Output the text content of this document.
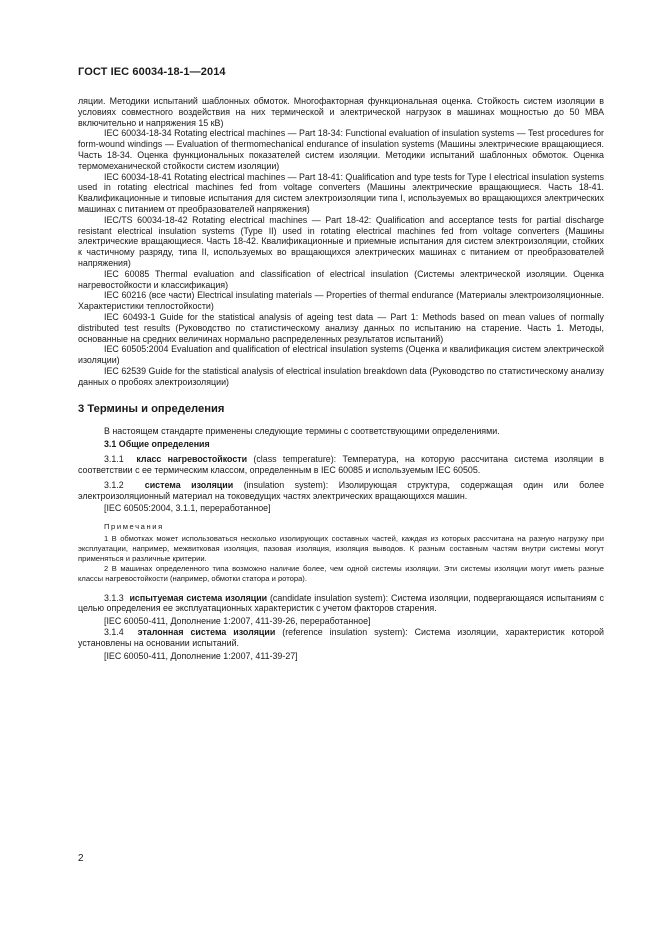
ГОСТ IEC 60034-18-1—2014

ляции. Методики испытаний шаблонных обмоток. Многофакторная функциональная оценка. Стойкость систем изоляции в условиях совместного воздействия на них термической и электрической нагрузок в машинах мощностью до 50 МВА включительно и напряжения 15 кВ)

IEC 60034-18-34 Rotating electrical machines — Part 18-34: Functional evaluation of insulation systems — Test procedures for form-wound windings — Evaluation of thermomechanical endurance of insulation systems (Машины электрические вращающиеся. Часть 18-34. Оценка функциональных показателей систем изоляции. Методики испытаний шаблонных обмоток. Оценка термомеханической стойкости систем изоляции)

IEC 60034-18-41 Rotating electrical machines — Part 18-41: Qualification and type tests for Type I electrical insulation systems used in rotating electrical machines fed from voltage converters (Машины электрические вращающиеся. Часть 18-41. Квалификационные и типовые испытания для систем электроизоляции типа I, используемых во вращающихся электрических машинах с питанием от преобразователей напряжения)

IEC/TS 60034-18-42 Rotating electrical machines — Part 18-42: Qualification and acceptance tests for partial discharge resistant electrical insulation systems (Type II) used in rotating electrical machines fed from voltage converters (Машины электрические вращающиеся. Часть 18-42. Квалификационные и приемные испытания для систем электроизоляции, стойких к частичному разряду, типа II, используемых во вращающихся электрических машинах с питанием от преобразователей напряжения)

IEC 60085 Thermal evaluation and classification of electrical insulation (Системы электрической изоляции. Оценка нагревостойкости и классификация)

IEC 60216 (все части) Electrical insulating materials — Properties of thermal endurance (Материалы электроизоляционные. Характеристики теплостойкости)

IEC 60493-1 Guide for the statistical analysis of ageing test data — Part 1: Methods based on mean values of normally distributed test results (Руководство по статистическому анализу данных по испытанию на старение. Часть 1. Методы, основанные на средних величинах нормально распределенных результатов испытаний)

IEC 60505:2004 Evaluation and qualification of electrical insulation systems (Оценка и квалификация систем электрической изоляции)

IEC 62539 Guide for the statistical analysis of electrical insulation breakdown data (Руководство по статистическому анализу данных о пробоях электроизоляции)

3 Термины и определения

В настоящем стандарте применены следующие термины с соответствующими определениями.

3.1 Общие определения

3.1.1 класс нагревостойкости (class temperature): Температура, на которую рассчитана система изоляции в соответствии с ее термическим классом, определенным в IEC 60085 и используемым IEC 60505.

3.1.2 система изоляции (insulation system): Изолирующая структура, содержащая один или более электроизоляционный материал на токоведущих частях электрических вращающихся машин.

[IEC 60505:2004, 3.1.1, переработанное]

Примечания

1 В обмотках может использоваться несколько изолирующих составных частей, каждая из которых рассчитана на разную нагрузку при эксплуатации, например, межвитковая изоляция, пазовая изоляция, изоляция выводов. К разным составным частям внутри системы могут применяться и различные критерии.

2 В машинах определенного типа возможно наличие более, чем одной системы изоляции. Эти системы изоляции могут иметь разные классы нагревостойкости (например, обмотки статора и ротора).

3.1.3 испытуемая система изоляции (candidate insulation system): Система изоляции, подвергающаяся испытаниям с целью определения ее эксплуатационных характеристик с учетом факторов старения.

[IEC 60050-411, Дополнение 1:2007, 411-39-26, переработанное]

3.1.4 эталонная система изоляции (reference insulation system): Система изоляции, характеристик которой установлены на основании испытаний.

[IEC 60050-411, Дополнение 1:2007, 411-39-27]

2
